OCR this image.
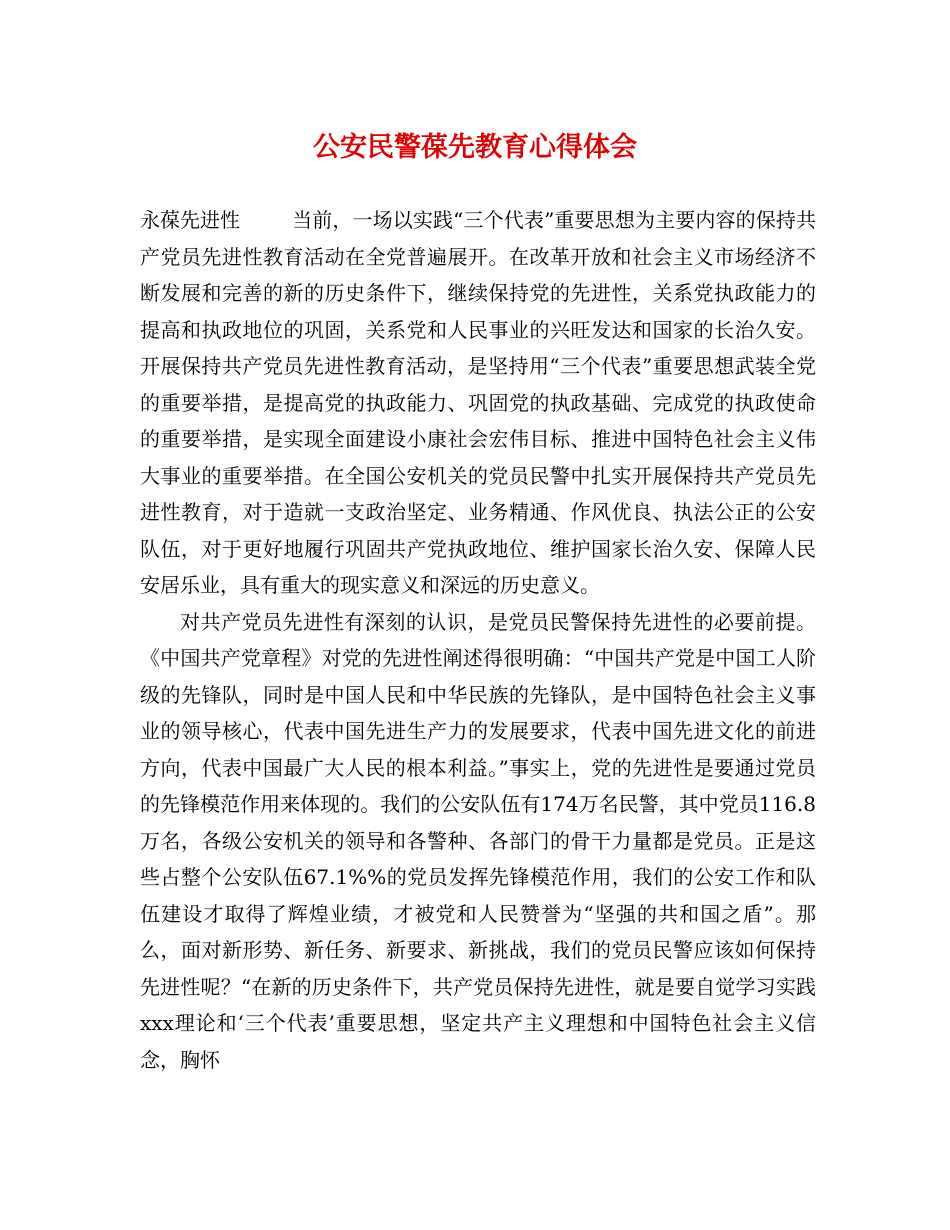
公安民警葆先教育心得体会

永葆先进性	当前，一场以实践“三个代表”重要思想为主要内容的保持共产党员先进性教育活动在全党普遍展开。在改革开放和社会主义市场经济不断发展和完善的新的历史条件下，继续保持党的先进性，关系党执政能力的提高和执政地位的巩固，关系党和人民事业的兴旺发达和国家的长治久安。开展保持共产党员先进性教育活动，是坚持用“三个代表”重要思想武装全党的重要举措，是提高党的执政能力、巩固党的执政基础、完成党的执政使命的重要举措，是实现全面建设小康社会宏伟目标、推进中国特色社会主义伟大事业的重要举措。在全国公安机关的党员民警中扎实开展保持共产党员先进性教育，对于造就一支政治坚定、业务精通、作风优良、执法公正的公安队伍，对于更好地履行巩固共产党执政地位、维护国家长治久安、保障人民安居乐业，具有重大的现实意义和深远的历史意义。

对共产党员先进性有深刻的认识，是党员民警保持先进性的必要前提。《中国共产党章程》对党的先进性阐述得很明确：“中国共产党是中国工人阶级的先锋队，同时是中国人民和中华民族的先锋队，是中国特色社会主义事业的领导核心，代表中国先进生产力的发展要求，代表中国先进文化的前进方向，代表中国最广大人民的根本利益。”事实上，党的先进性是要通过党员的先锋模范作用来体现的。我们的公安队伍有174万名民警，其中党员116.8万名，各级公安机关的领导和各警种、各部门的骨干力量都是党员。正是这些占整个公安队伍67.1%%的党员发挥先锋模范作用，我们的公安工作和队伍建设才取得了辉煌业绩，才被党和人民赞誉为“坚强的共和国之盾”。那么，面对新形势、新任务、新要求、新挑战，我们的党员民警应该如何保持先进性呢？“在新的历史条件下，共产党员保持先进性，就是要自觉学习实践xxx理论和‘三个代表’重要思想，坚定共产主义理想和中国特色社会主义信念，胸怀
